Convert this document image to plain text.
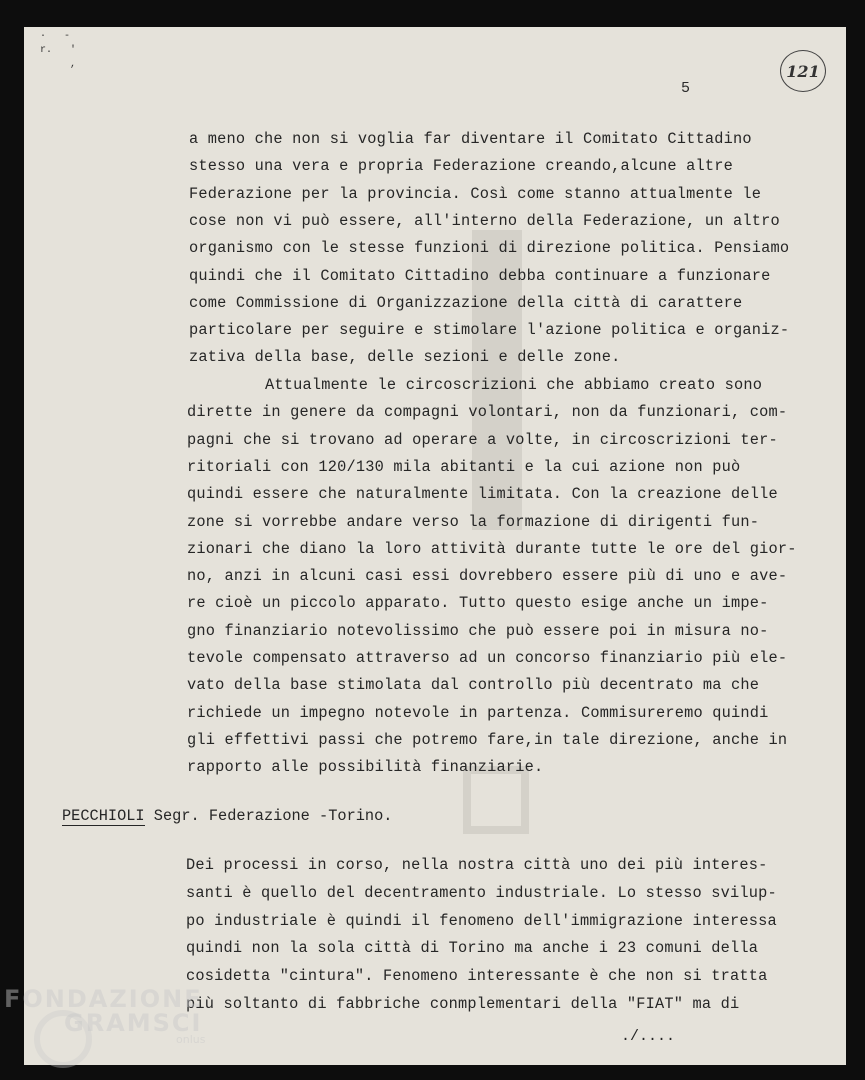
·   -
r.   '
,	121
5
a meno che non si voglia far diventare il Comitato Cittadino
stesso una vera e propria Federazione creando,alcune altre
Federazione per la provincia. Così come stanno attualmente le
cose non vi può essere, all'interno della Federazione, un altro
organismo con le stesse funzioni di direzione politica. Pensiamo
quindi che il Comitato Cittadino debba continuare a funzionare
come Commissione di Organizzazione della città di carattere
particolare per seguire e stimolare l'azione politica e organiz-
zativa della base, delle sezioni e delle zone.
Attualmente le circoscrizioni che abbiamo creato sono
dirette in genere da compagni volontari, non da funzionari, com-
pagni che si trovano ad operare a volte, in circoscrizioni ter-
ritoriali con 120/130 mila abitanti e la cui azione non può
quindi essere che naturalmente limitata. Con la creazione delle
zone si vorrebbe andare verso la formazione di dirigenti fun-
zionari che diano la loro attività durante tutte le ore del gior-
no, anzi in alcuni casi essi dovrebbero essere più di uno e ave-
re cioè un piccolo apparato. Tutto questo esige anche un impe-
gno finanziario notevolissimo che può essere poi in misura no-
tevole compensato attraverso ad un concorso finanziario più ele-
vato della base stimolata dal controllo più decentrato ma che
richiede un impegno notevole in partenza. Commisureremo quindi
gli effettivi passi che potremo fare,in tale direzione, anche in
rapporto alle possibilità finanziarie.
PECCHIOLI Segr. Federazione -Torino.
Dei processi in corso, nella nostra città uno dei più interes-
santi è quello del decentramento industriale. Lo stesso svilup-
po industriale è quindi il fenomeno dell'immigrazione interessa
quindi non la sola città di Torino ma anche i 23 comuni della
cosidetta "cintura". Fenomeno interessante è che non si tratta
più soltanto di fabbriche conmplementari della "FIAT" ma di
./....
FONDAZIONE
GRAMSCI
onlus
